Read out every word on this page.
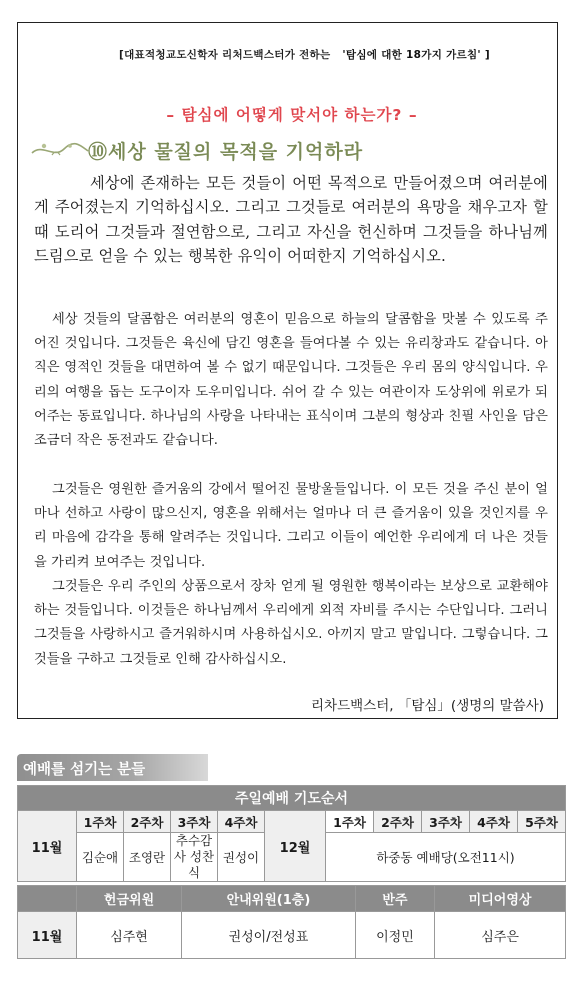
[대표적청교도신학자 리처드백스터가 전하는 '탐심에 대한 18가지 가르침' ]
– 탐심에 어떻게 맞서야 하는가? –
⑩세상 물질의 목적을 기억하라

세상에 존재하는 모든 것들이 어떤 목적으로 만들어졌으며 여러분에게 주어졌는지 기억하십시오. 그리고 그것들로 여러분의 욕망을 채우고자 할 때 도리어 그것들과 절연함으로, 그리고 자신을 헌신하며 그것들을 하나님께 드림으로 얻을 수 있는 행복한 유익이 어떠한지 기억하십시오.

세상 것들의 달콤함은 여러분의 영혼이 믿음으로 하늘의 달콤함을 맛볼 수 있도록 주어진 것입니다. 그것들은 육신에 담긴 영혼을 들여다볼 수 있는 유리창과도 같습니다. 아직은 영적인 것들을 대면하여 볼 수 없기 때문입니다. 그것들은 우리 몸의 양식입니다. 우리의 여행을 돕는 도구이자 도우미입니다. 쉬어 갈 수 있는 여관이자 도상위에 위로가 되어주는 동료입니다. 하나님의 사랑을 나타내는 표식이며 그분의 형상과 친필 사인을 담은 조금더 작은 동전과도 같습니다.

그것들은 영원한 즐거움의 강에서 떨어진 물방울들입니다. 이 모든 것을 주신 분이 얼마나 선하고 사랑이 많으신지, 영혼을 위해서는 얼마나 더 큰 즐거움이 있을 것인지를 우리 마음에 감각을 통해 알려주는 것입니다. 그리고 이들이 예언한 우리에게 더 나은 것들을 가리켜 보여주는 것입니다.

그것들은 우리 주인의 상품으로서 장차 얻게 될 영원한 행복이라는 보상으로 교환해야 하는 것들입니다. 이것들은 하나님께서 우리에게 외적 자비를 주시는 수단입니다. 그러니 그것들을 사랑하시고 즐거워하시며 사용하십시오. 아끼지 말고 말입니다. 그렇습니다. 그것들을 구하고 그것들로 인해 감사하십시오.

리차드백스터, 「탐심」(생명의 말씀사)
예배를 섬기는 분들
주일예배 기도순서										
11월	1주차	2주차	3주차	4주차	12월	1주차	2주차	3주차	4주차	5주차
	김순애	조영란	추수감사 성찬식	권성이		하중동 예배당(오전11시)				
	헌금위원	안내위원(1층)	반주	미디어영상
11월	심주현	권성이/전성표	이정민	심주은
